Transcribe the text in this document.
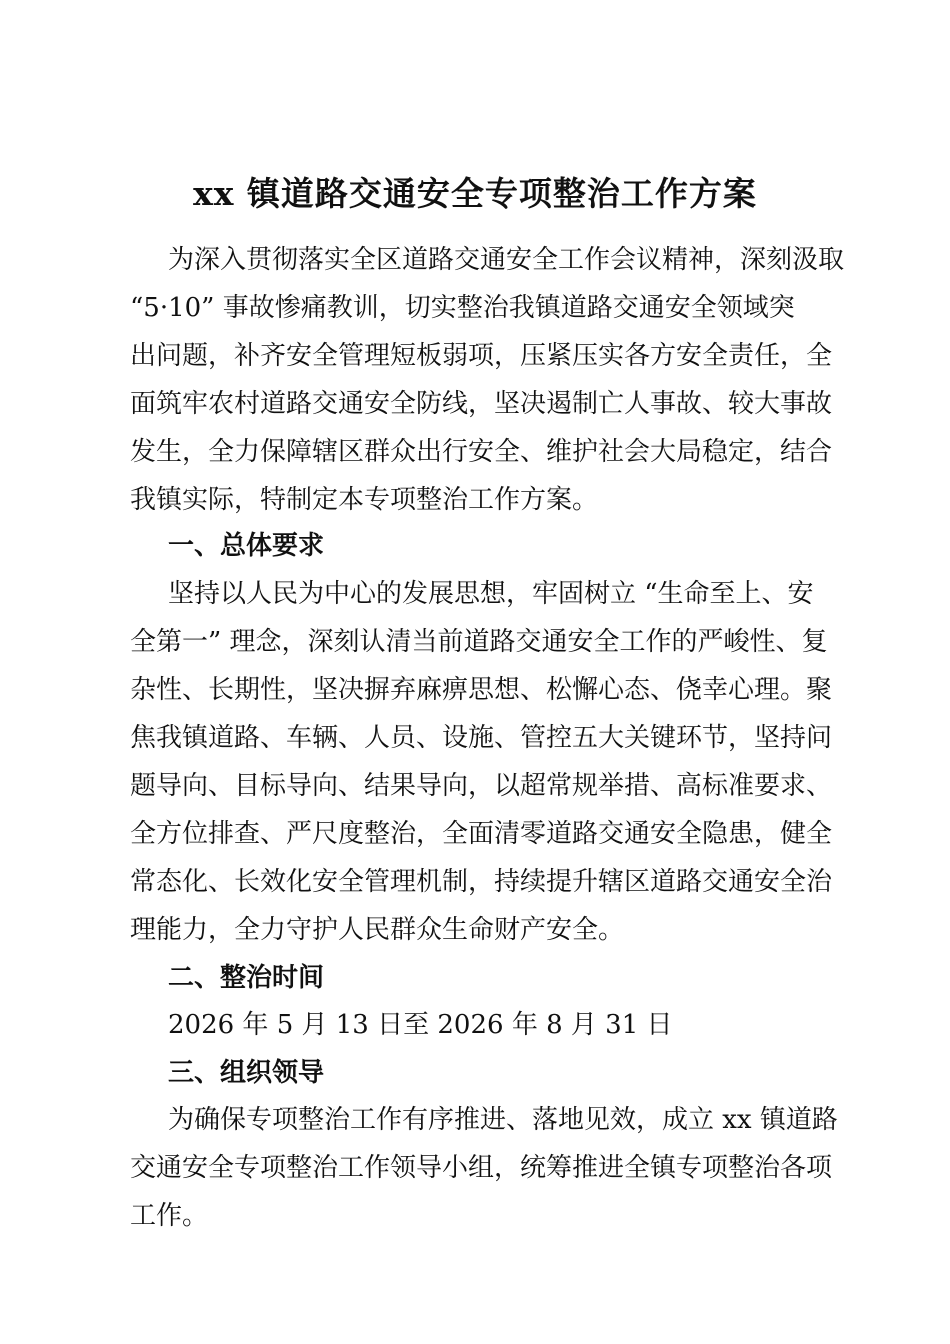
xx 镇道路交通安全专项整治工作方案
为深入贯彻落实全区道路交通安全工作会议精神，深刻汲取
“5·10” 事故惨痛教训，切实整治我镇道路交通安全领域突
出问题，补齐安全管理短板弱项，压紧压实各方安全责任，全
面筑牢农村道路交通安全防线，坚决遏制亡人事故、较大事故
发生，全力保障辖区群众出行安全、维护社会大局稳定，结合
我镇实际，特制定本专项整治工作方案。
一、总体要求
坚持以人民为中心的发展思想，牢固树立 “生命至上、安
全第一” 理念，深刻认清当前道路交通安全工作的严峻性、复
杂性、长期性，坚决摒弃麻痹思想、松懈心态、侥幸心理。聚
焦我镇道路、车辆、人员、设施、管控五大关键环节，坚持问
题导向、目标导向、结果导向，以超常规举措、高标准要求、
全方位排查、严尺度整治，全面清零道路交通安全隐患，健全
常态化、长效化安全管理机制，持续提升辖区道路交通安全治
理能力，全力守护人民群众生命财产安全。
二、整治时间
2026 年 5 月 13 日至 2026 年 8 月 31 日
三、组织领导
为确保专项整治工作有序推进、落地见效，成立 xx 镇道路
交通安全专项整治工作领导小组，统筹推进全镇专项整治各项
工作。
